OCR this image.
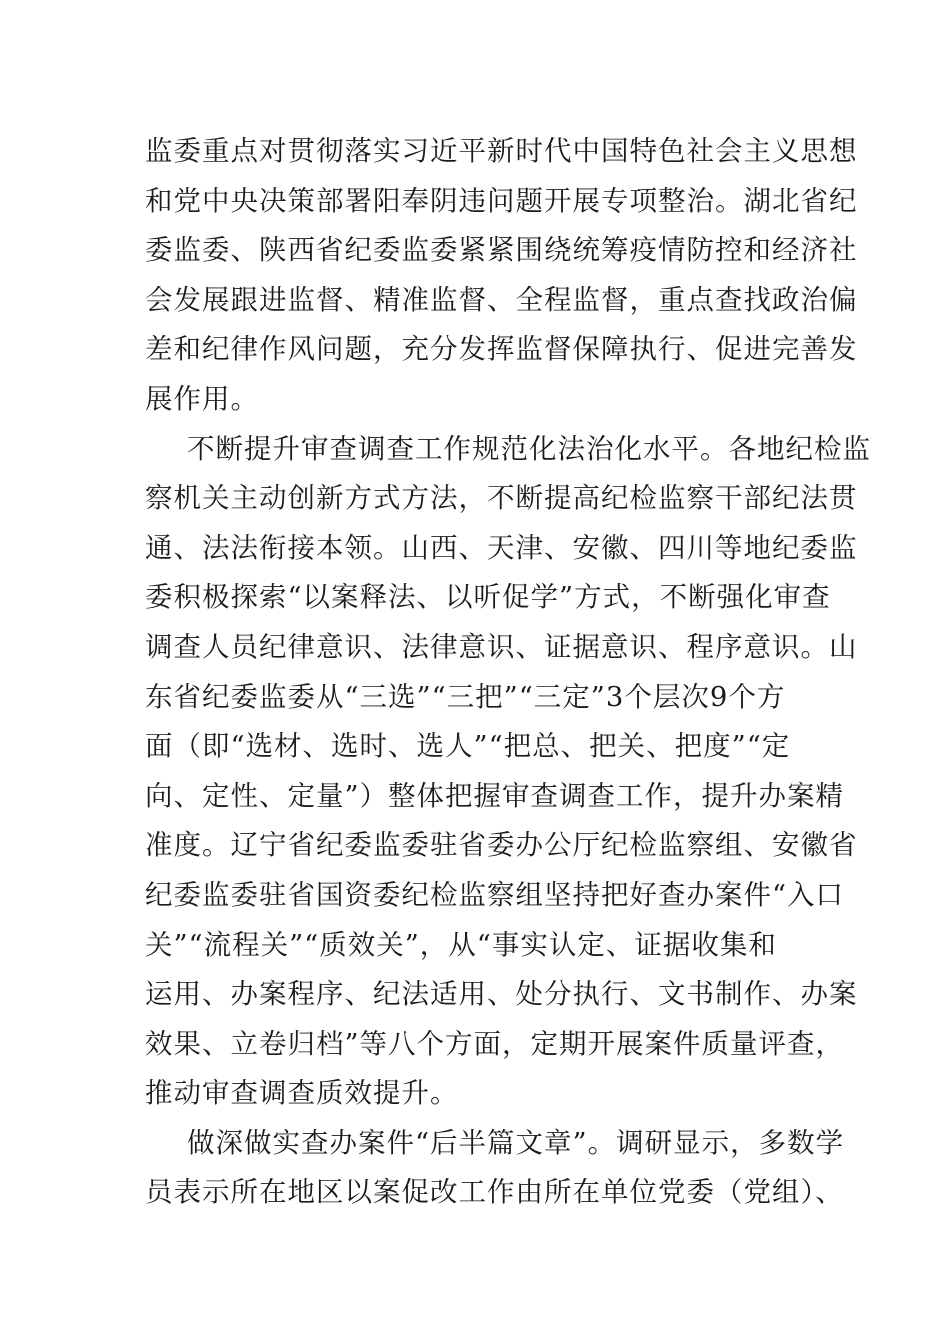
监委重点对贯彻落实习近平新时代中国特色社会主义思想
和党中央决策部署阳奉阴违问题开展专项整治。湖北省纪
委监委、陕西省纪委监委紧紧围绕统筹疫情防控和经济社
会发展跟进监督、精准监督、全程监督，重点查找政治偏
差和纪律作风问题，充分发挥监督保障执行、促进完善发
展作用。
不断提升审查调查工作规范化法治化水平。各地纪检监
察机关主动创新方式方法，不断提高纪检监察干部纪法贯
通、法法衔接本领。山西、天津、安徽、四川等地纪委监
委积极探索“以案释法、以听促学”方式，不断强化审查
调查人员纪律意识、法律意识、证据意识、程序意识。山
东省纪委监委从“三选”“三把”“三定”3个层次9个方
面（即“选材、选时、选人”“把总、把关、把度”“定
向、定性、定量”）整体把握审查调查工作，提升办案精
准度。辽宁省纪委监委驻省委办公厅纪检监察组、安徽省
纪委监委驻省国资委纪检监察组坚持把好查办案件“入口
关”“流程关”“质效关”，从“事实认定、证据收集和
运用、办案程序、纪法适用、处分执行、文书制作、办案
效果、立卷归档”等八个方面，定期开展案件质量评查，
推动审查调查质效提升。
做深做实查办案件“后半篇文章”。调研显示，多数学
员表示所在地区以案促改工作由所在单位党委（党组）、
